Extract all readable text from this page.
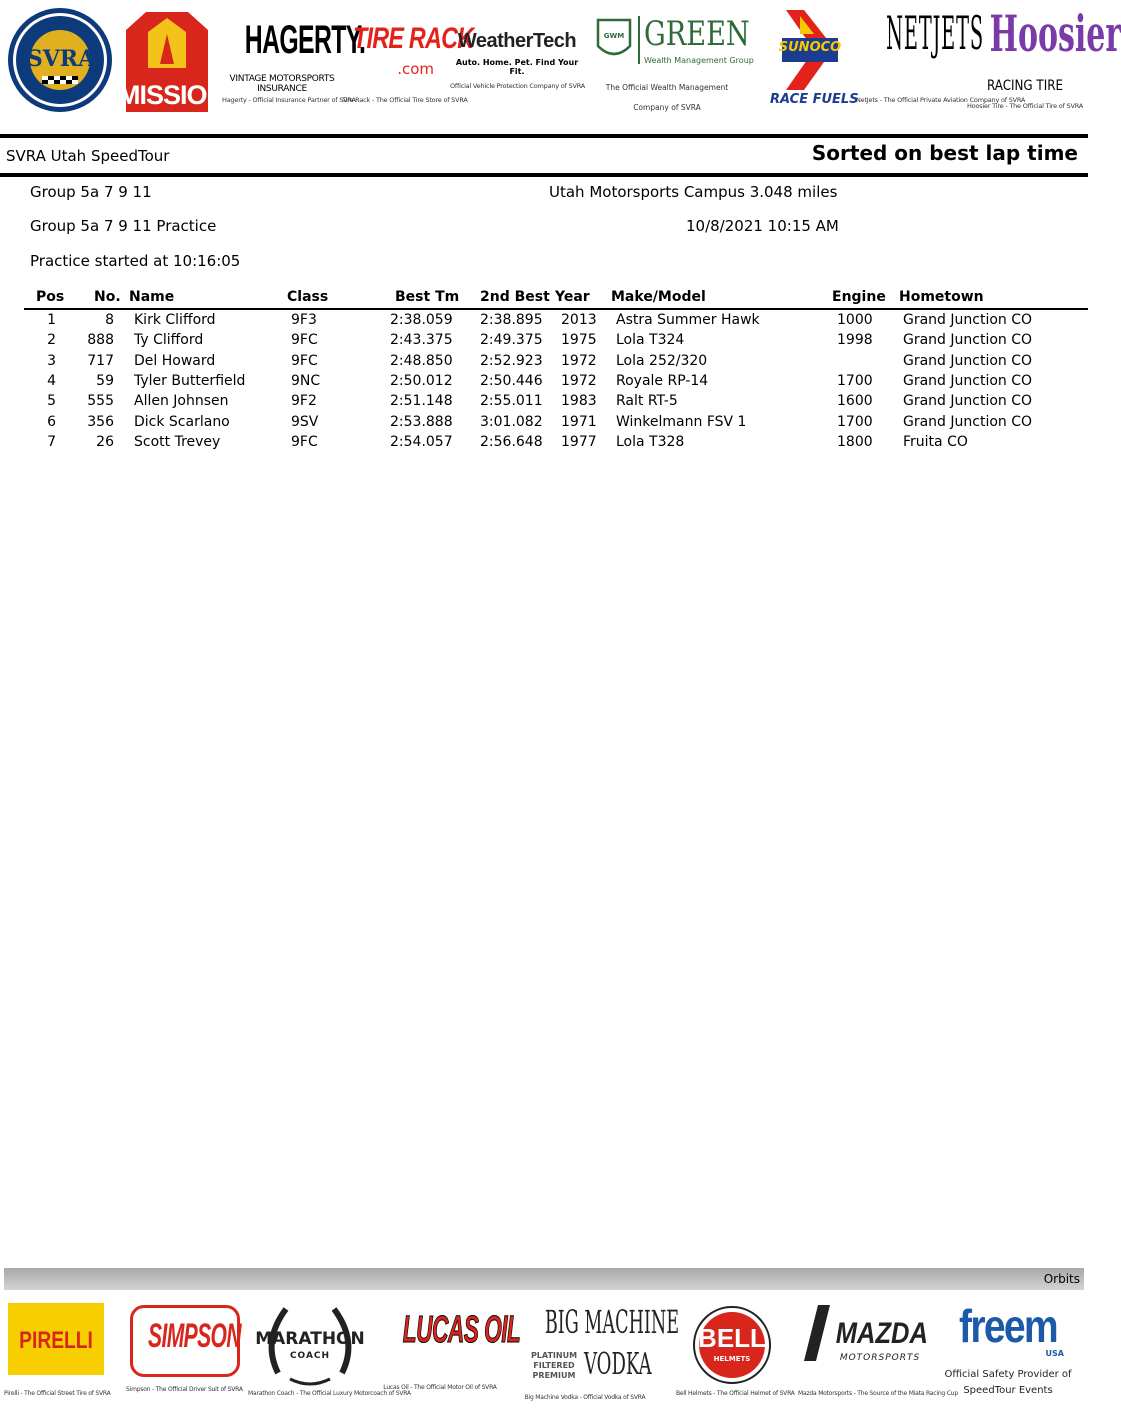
SVRA
MISSION
HAGERTY.
VINTAGE MOTORSPORTS INSURANCE
Hagerty - Official Insurance Partner of SVRA
TIRE RACK
.com
Tire Rack - The Official Tire Store of SVRA
WeatherTech
Auto. Home. Pet. Find Your Fit.
Official Vehicle Protection Company of SVRA
GWM GREEN
Wealth Management Group
The Official Wealth Management Company of SVRA
SUNOCO
RACE FUELS
NETJETS
NetJets - The Official Private Aviation Company of SVRA
Hoosier
RACING TIRE
Hoosier Tire - The Official Tire of SVRA
SVRA Utah SpeedTour	Sorted on best lap time
Group 5a 7 9 11	Utah Motorsports Campus 3.048 miles
Group 5a 7 9 11 Practice	10/8/2021 10:15 AM
Practice started at 10:16:05
Pos No. Name	Class	Best Tm 2nd Best Year Make/Model	Engine Hometown
1	8 Kirk Clifford	9F3	2:38.059 2:38.895 2013 Astra Summer Hawk	1000 Grand Junction CO
2	888 Ty Clifford	9FC	2:43.375 2:49.375 1975 Lola T324	1998 Grand Junction CO
3	717 Del Howard	9FC	2:48.850 2:52.923 1972 Lola 252/320	Grand Junction CO
4	59 Tyler Butterfield	9NC	2:50.012 2:50.446 1972 Royale RP-14	1700 Grand Junction CO
5	555 Allen Johnsen	9F2	2:51.148 2:55.011 1983 Ralt RT-5	1600 Grand Junction CO
6	356 Dick Scarlano	9SV	2:53.888 3:01.082 1971 Winkelmann FSV 1	1700 Grand Junction CO
7	26 Scott Trevey	9FC	2:54.057 2:56.648 1977 Lola T328	1800 Fruita CO
Orbits
PIRELLI
Pirelli - The Official Street Tire of SVRA
SIMPSON
Simpson - The Official Driver Suit of SVRA
MARATHON
COACH
Marathon Coach - The Official Luxury Motorcoach of SVRA
LUCAS OIL
Lucas Oil - The Official Motor Oil of SVRA
BIG MACHINE
PLATINUM FILTERED PREMIUM VODKA
Big Machine Vodka - Official Vodka of SVRA
BELL
HELMETS
Bell Helmets - The Official Helmet of SVRA
MAZDA
MOTORSPORTS
Mazda Motorsports - The Source of the Miata Racing Cup
freem
USA
Official Safety Provider of SpeedTour Events
